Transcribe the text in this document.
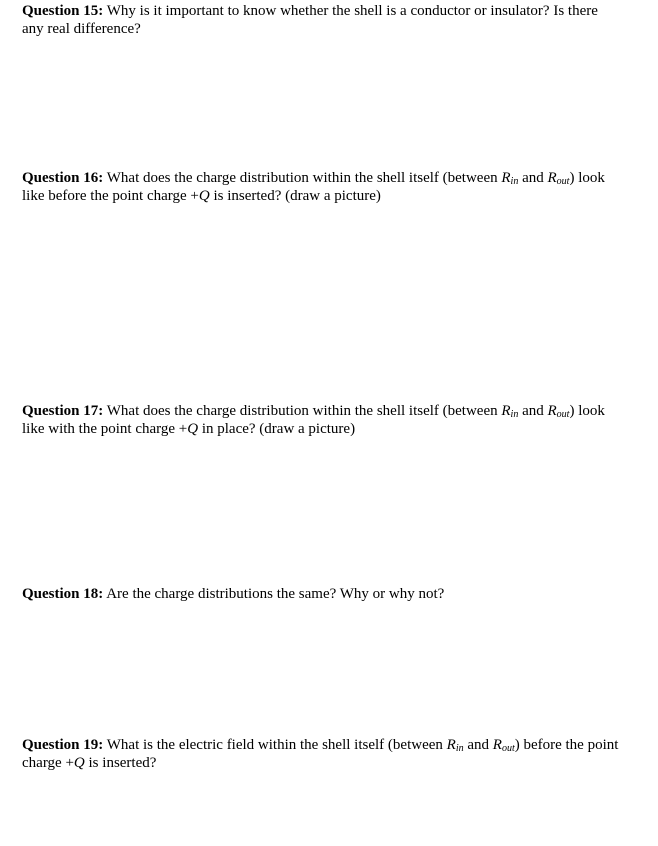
Question 15: Why is it important to know whether the shell is a conductor or insulator? Is there any real difference?

Question 16: What does the charge distribution within the shell itself (between $R_{in}$ and $R_{out}$) look like before the point charge +Q is inserted? (draw a picture)

Question 17: What does the charge distribution within the shell itself (between $R_{in}$ and $R_{out}$) look like with the point charge +Q in place? (draw a picture)

Question 18: Are the charge distributions the same? Why or why not?

Question 19: What is the electric field within the shell itself (between $R_{in}$ and $R_{out}$) before the point charge +Q is inserted?
